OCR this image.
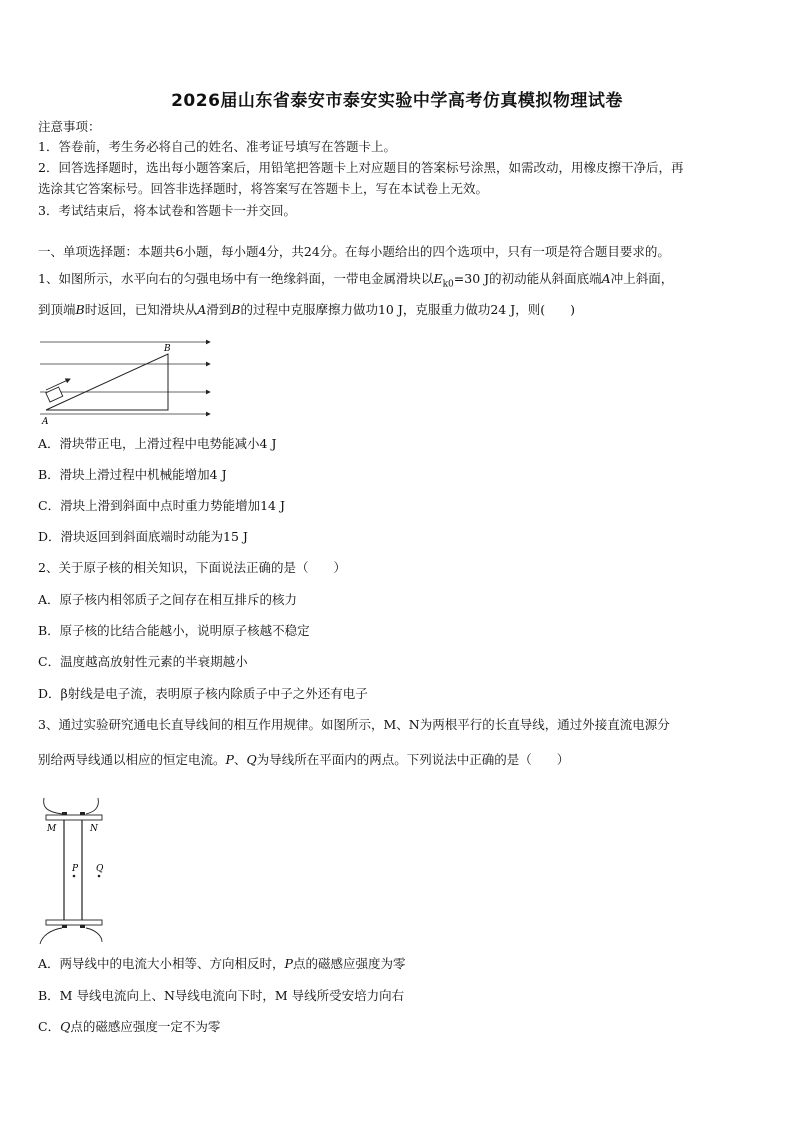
2026届山东省泰安市泰安实验中学高考仿真模拟物理试卷
注意事项：
1．答卷前，考生务必将自己的姓名、准考证号填写在答题卡上。
2．回答选择题时，选出每小题答案后，用铅笔把答题卡上对应题目的答案标号涂黑，如需改动，用橡皮擦干净后，再
选涂其它答案标号。回答非选择题时，将答案写在答题卡上，写在本试卷上无效。
3．考试结束后，将本试卷和答题卡一并交回。
一、单项选择题：本题共6小题，每小题4分，共24分。在每小题给出的四个选项中，只有一项是符合题目要求的。
1、如图所示，水平向右的匀强电场中有一绝缘斜面，一带电金属滑块以$E_{k0}=30$ J的初动能从斜面底端A冲上斜面，
到顶端B时返回，已知滑块从A滑到B的过程中克服摩擦力做功10 J，克服重力做功24 J，则(　　)
A
B
A．滑块带正电，上滑过程中电势能减小4 J
B．滑块上滑过程中机械能增加4 J
C．滑块上滑到斜面中点时重力势能增加14 J
D．滑块返回到斜面底端时动能为15 J
2、关于原子核的相关知识，下面说法正确的是（　　）
A．原子核内相邻质子之间存在相互排斥的核力
B．原子核的比结合能越小，说明原子核越不稳定
C．温度越高放射性元素的半衰期越小
D．β射线是电子流，表明原子核内除质子中子之外还有电子
3、通过实验研究通电长直导线间的相互作用规律。如图所示，M、N为两根平行的长直导线，通过外接直流电源分
别给两导线通以相应的恒定电流。P、Q为导线所在平面内的两点。下列说法中正确的是（　　）
M	N
P Q
A．两导线中的电流大小相等、方向相反时，P点的磁感应强度为零
B．M 导线电流向上、N导线电流向下时，M 导线所受安培力向右
C．Q点的磁感应强度一定不为零
